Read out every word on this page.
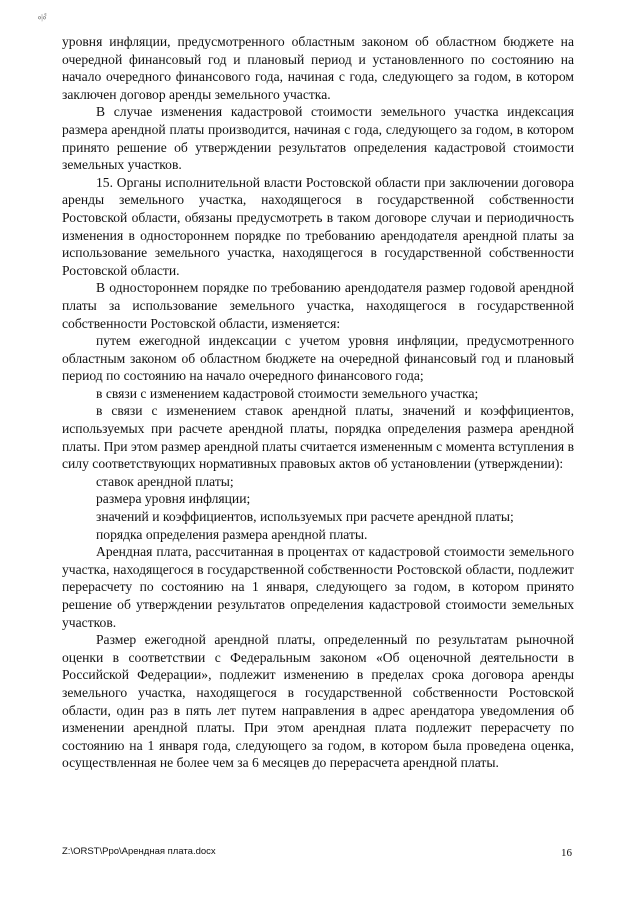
%ᵉ

уровня инфляции, предусмотренного областным законом об областном бюджете на очередной финансовый год и плановый период и установленного по состоянию на начало очередного финансового года, начиная с года, следующего за годом, в котором заключен договор аренды земельного участка.

В случае изменения кадастровой стоимости земельного участка индексация размера арендной платы производится, начиная с года, следующего за годом, в котором принято решение об утверждении результатов определения кадастровой стоимости земельных участков.

15. Органы исполнительной власти Ростовской области при заключении договора аренды земельного участка, находящегося в государственной собственности Ростовской области, обязаны предусмотреть в таком договоре случаи и периодичность изменения в одностороннем порядке по требованию арендодателя арендной платы за использование земельного участка, находящегося в государственной собственности Ростовской области.

В одностороннем порядке по требованию арендодателя размер годовой арендной платы за использование земельного участка, находящегося в государственной собственности Ростовской области, изменяется:

путем ежегодной индексации с учетом уровня инфляции, предусмотренного областным законом об областном бюджете на очередной финансовый год и плановый период по состоянию на начало очередного финансового года;

в связи с изменением кадастровой стоимости земельного участка;

в связи с изменением ставок арендной платы, значений и коэффициентов, используемых при расчете арендной платы, порядка определения размера арендной платы. При этом размер арендной платы считается измененным с момента вступления в силу соответствующих нормативных правовых актов об установлении (утверждении):

ставок арендной платы;

размера уровня инфляции;

значений и коэффициентов, используемых при расчете арендной платы;

порядка определения размера арендной платы.

Арендная плата, рассчитанная в процентах от кадастровой стоимости земельного участка, находящегося в государственной собственности Ростовской области, подлежит перерасчету по состоянию на 1 января, следующего за годом, в котором принято решение об утверждении результатов определения кадастровой стоимости земельных участков.

Размер ежегодной арендной платы, определенный по результатам рыночной оценки в соответствии с Федеральным законом «Об оценочной деятельности в Российской Федерации», подлежит изменению в пределах срока договора аренды земельного участка, находящегося в государственной собственности Ростовской области, один раз в пять лет путем направления в адрес арендатора уведомления об изменении арендной платы. При этом арендная плата подлежит перерасчету по состоянию на 1 января года, следующего за годом, в котором была проведена оценка, осуществленная не более чем за 6 месяцев до перерасчета арендной платы.

Z:\ORST\Ppo\Арендная плата.docx	16
